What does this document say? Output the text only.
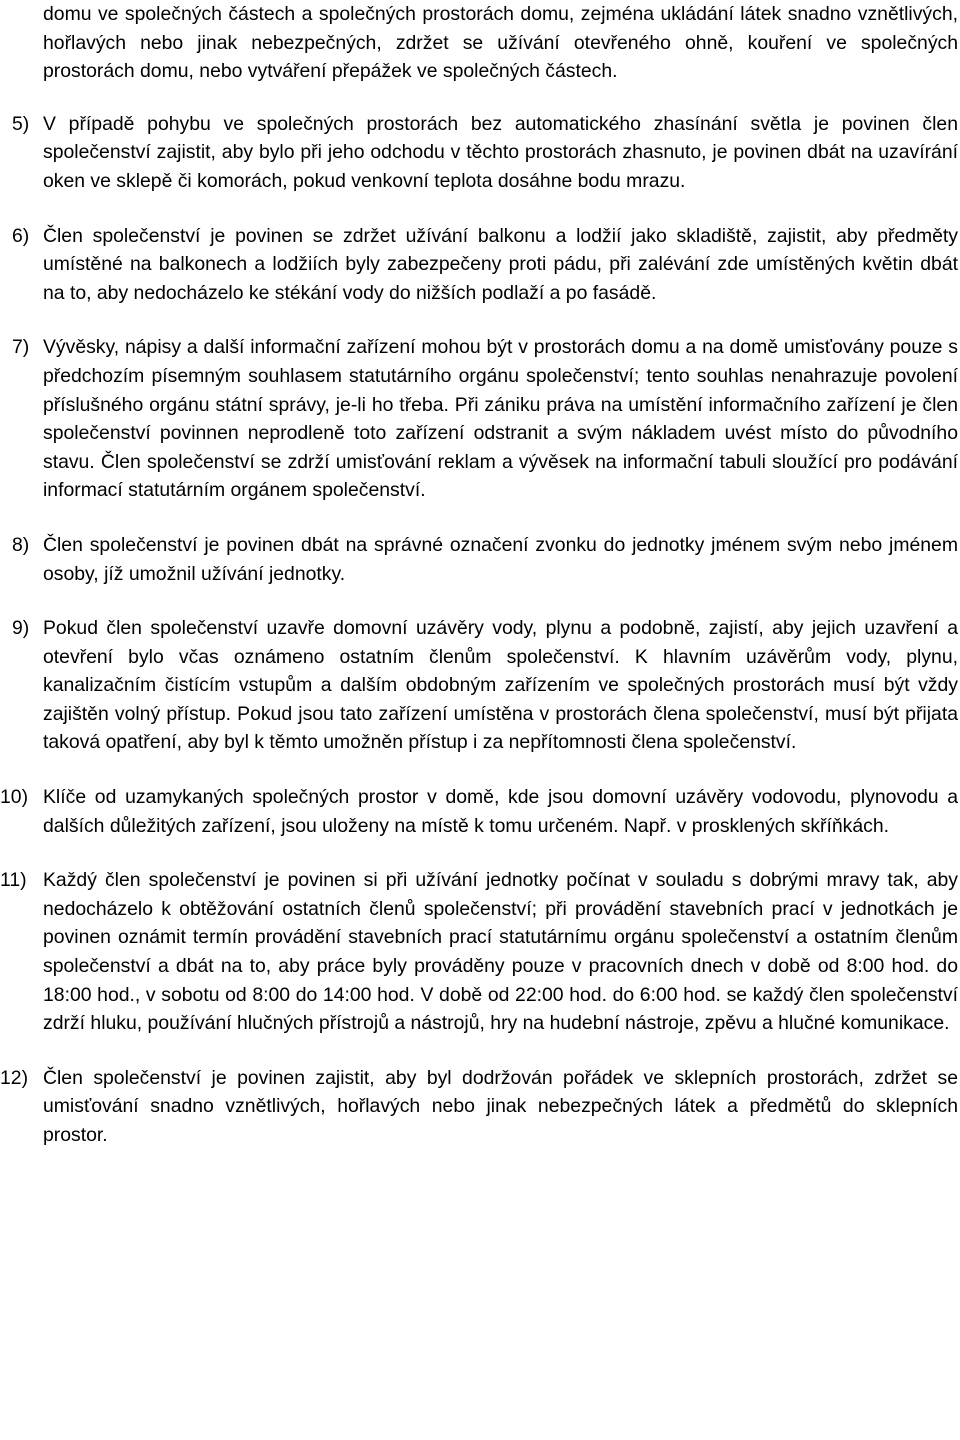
domu ve společných částech a společných prostorách domu, zejména ukládání látek snadno vznětlivých, hořlavých nebo jinak nebezpečných, zdržet se užívání otevřeného ohně, kouření ve společných prostorách domu, nebo vytváření přepážek ve společných částech.
5) V případě pohybu ve společných prostorách bez automatického zhasínání světla je povinen člen společenství zajistit, aby bylo při jeho odchodu v těchto prostorách zhasnuto, je povinen dbát na uzavírání oken ve sklepě či komorách, pokud venkovní teplota dosáhne bodu mrazu.
6) Člen společenství je povinen se zdržet užívání balkonu a lodžií jako skladiště, zajistit, aby předměty umístěné na balkonech a lodžiích byly zabezpečeny proti pádu, při zalévání zde umístěných květin dbát na to, aby nedocházelo ke stékání vody do nižších podlaží a po fasádě.
7) Vývěsky, nápisy a další informační zařízení mohou být v prostorách domu a na domě umisťovány pouze s předchozím písemným souhlasem statutárního orgánu společenství; tento souhlas nenahrazuje povolení příslušného orgánu státní správy, je-li ho třeba. Při zániku práva na umístění informačního zařízení je člen společenství povinnen neprodleně toto zařízení odstranit a svým nákladem uvést místo do původního stavu. Člen společenství se zdrží umisťování reklam a vývěsek na informační tabuli sloužící pro podávání informací statutárním orgánem společenství.
8) Člen společenství je povinen dbát na správné označení zvonku do jednotky jménem svým nebo jménem osoby, jíž umožnil užívání jednotky.
9) Pokud člen společenství uzavře domovní uzávěry vody, plynu a podobně, zajistí, aby jejich uzavření a otevření bylo včas oznámeno ostatním členům společenství. K hlavním uzávěrům vody, plynu, kanalizačním čistícím vstupům a dalším obdobným zařízením ve společných prostorách musí být vždy zajištěn volný přístup. Pokud jsou tato zařízení umístěna v prostorách člena společenství, musí být přijata taková opatření, aby byl k těmto umožněn přístup i za nepřítomnosti člena společenství.
10) Klíče od uzamykaných společných prostor v domě, kde jsou domovní uzávěry vodovodu, plynovodu a dalších důležitých zařízení, jsou uloženy na místě k tomu určeném. Např. v prosklených skříňkách.
11) Každý člen společenství je povinen si při užívání jednotky počínat v souladu s dobrými mravy tak, aby nedocházelo k obtěžování ostatních členů společenství; při provádění stavebních prací v jednotkách je povinen oznámit termín provádění stavebních prací statutárnímu orgánu společenství a ostatním členům společenství a dbát na to, aby práce byly prováděny pouze v pracovních dnech v době od 8:00 hod. do 18:00 hod., v sobotu od 8:00 do 14:00 hod. V době od 22:00 hod. do 6:00 hod. se každý člen společenství zdrží hluku, používání hlučných přístrojů a nástrojů, hry na hudební nástroje, zpěvu a hlučné komunikace.
12) Člen společenství je povinen zajistit, aby byl dodržován pořádek ve sklepních prostorách, zdržet se umisťování snadno vznětlivých, hořlavých nebo jinak nebezpečných látek a předmětů do sklepních prostor.
